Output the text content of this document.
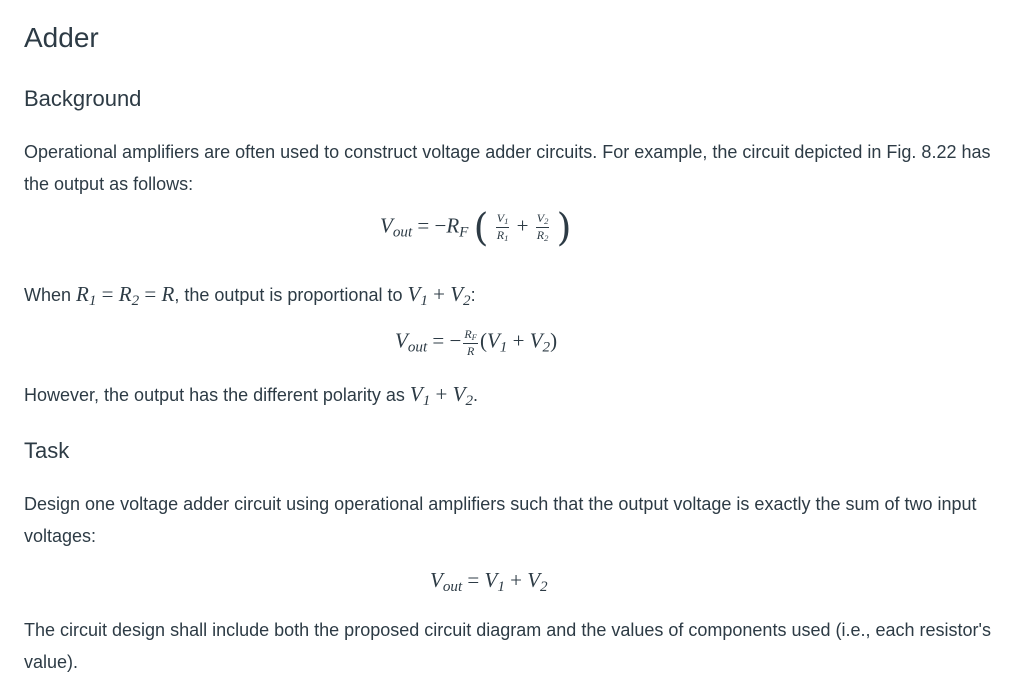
Adder
Background
Operational amplifiers are often used to construct voltage adder circuits. For example, the circuit depicted in Fig. 8.22 has the output as follows:
$V_{out} = -R_F$ ( $\frac{V_1}{R_1} + \frac{V_2}{R_2}$ )
When $R_1 = R_2 = R$, the output is proportional to $V_1 + V_2$:
$V_{out}$ = − $\frac{R_F}{R} (V_1 + V_2)$
However, the output has the different polarity as $V_1 + V_2$.
Task
Design one voltage adder circuit using operational amplifiers such that the output voltage is exactly the sum of two input voltages:
$V_{out} = V_1 + V_2$
The circuit design shall include both the proposed circuit diagram and the values of components used (i.e., each resistor's value).
